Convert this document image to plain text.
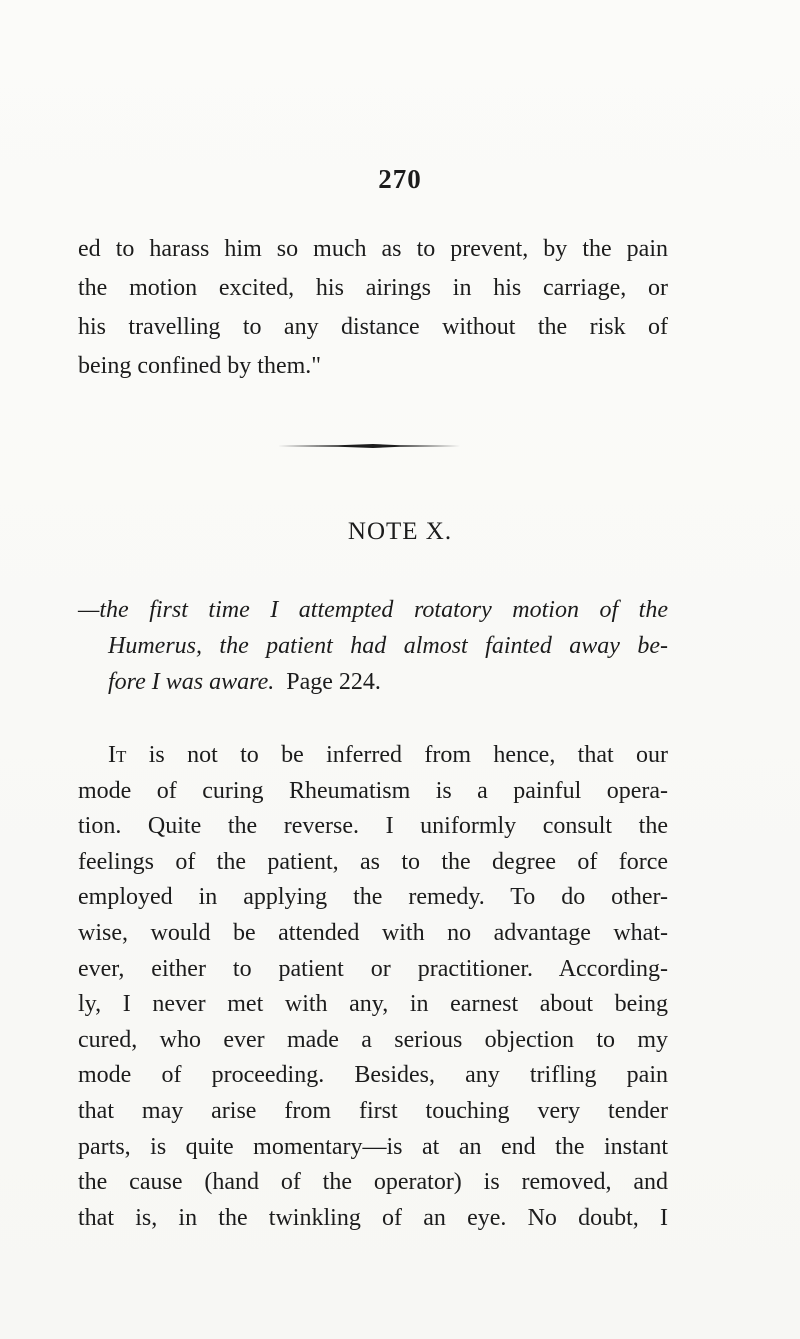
270
ed to harass him so much as to prevent, by the pain
the motion excited, his airings in his carriage, or
his travelling to any distance without the risk of
being confined by them."
NOTE X.
—the first time I attempted rotatory motion of the
Humerus, the patient had almost fainted away be-
fore I was aware. Page 224.
It is not to be inferred from hence, that our
mode of curing Rheumatism is a painful opera-
tion. Quite the reverse. I uniformly consult the
feelings of the patient, as to the degree of force
employed in applying the remedy. To do other-
wise, would be attended with no advantage what-
ever, either to patient or practitioner. According-
ly, I never met with any, in earnest about being
cured, who ever made a serious objection to my
mode of proceeding. Besides, any trifling pain
that may arise from first touching very tender
parts, is quite momentary—is at an end the instant
the cause (hand of the operator) is removed, and
that is, in the twinkling of an eye. No doubt, I
